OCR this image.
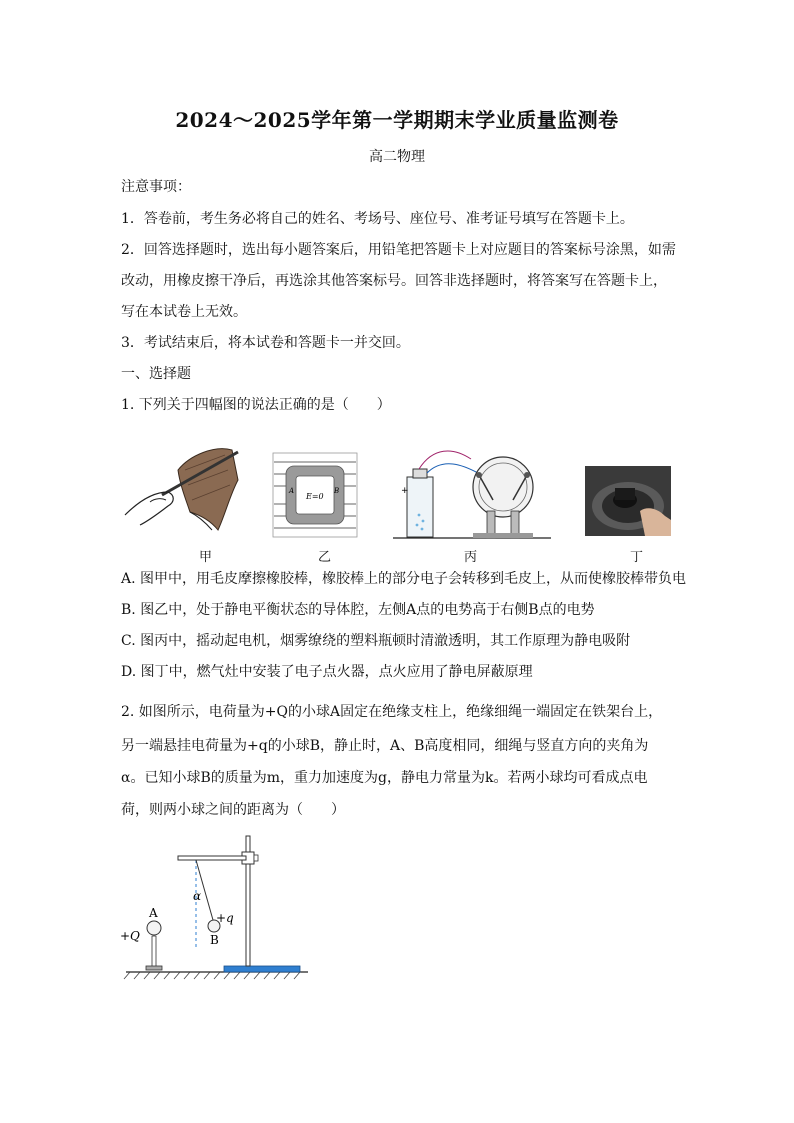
2024～2025学年第一学期期末学业质量监测卷
高二物理
注意事项：
1．答卷前，考生务必将自己的姓名、考场号、座位号、准考证号填写在答题卡上。
2．回答选择题时，选出每小题答案后，用铅笔把答题卡上对应题目的答案标号涂黑，如需
改动，用橡皮擦干净后，再选涂其他答案标号。回答非选择题时，将答案写在答题卡上，
写在本试卷上无效。
3．考试结束后，将本试卷和答题卡一并交回。
一、选择题
1. 下列关于四幅图的说法正确的是（　　）
甲
E=0
A	B
乙
+
丙	丁
A. 图甲中，用毛皮摩擦橡胶棒，橡胶棒上的部分电子会转移到毛皮上，从而使橡胶棒带负电
B. 图乙中，处于静电平衡状态的导体腔，左侧A点的电势高于右侧B点的电势
C. 图丙中，摇动起电机，烟雾缭绕的塑料瓶顿时清澈透明，其工作原理为静电吸附
D. 图丁中，燃气灶中安装了电子点火器，点火应用了静电屏蔽原理
2. 如图所示，电荷量为+Q的小球A固定在绝缘支柱上，绝缘细绳一端固定在铁架台上，
另一端悬挂电荷量为+q的小球B，静止时，A、B高度相同，细绳与竖直方向的夹角为
α。已知小球B的质量为m，重力加速度为g，静电力常量为k。若两小球均可看成点电
荷，则两小球之间的距离为（　　）
A
+Q
+q
B
α
